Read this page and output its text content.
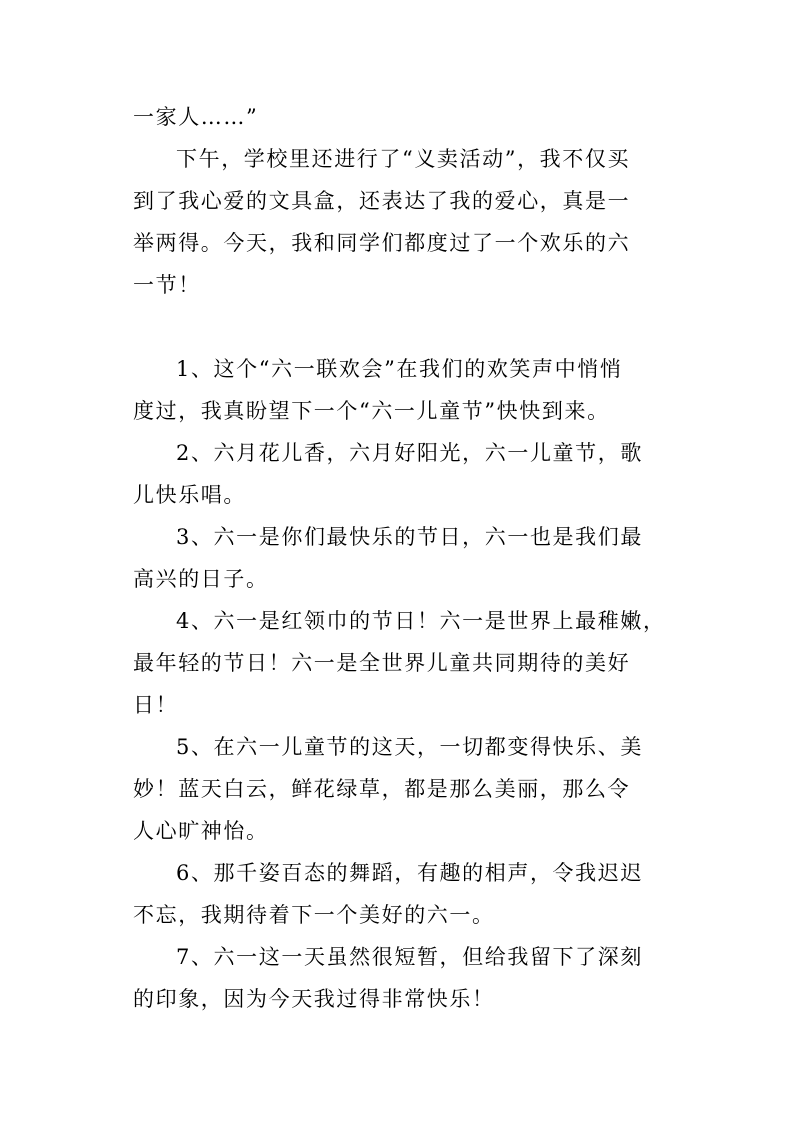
一家人……”
下午，学校里还进行了“义卖活动”，我不仅买
到了我心爱的文具盒，还表达了我的爱心，真是一
举两得。今天，我和同学们都度过了一个欢乐的六
一节！
1、这个“六一联欢会”在我们的欢笑声中悄悄
度过，我真盼望下一个“六一儿童节”快快到来。
2、六月花儿香，六月好阳光，六一儿童节，歌
儿快乐唱。
3、六一是你们最快乐的节日，六一也是我们最
高兴的日子。
4、六一是红领巾的节日！六一是世界上最稚嫩，
最年轻的节日！六一是全世界儿童共同期待的美好
日！
5、在六一儿童节的这天，一切都变得快乐、美
妙！蓝天白云，鲜花绿草，都是那么美丽，那么令
人心旷神怡。
6、那千姿百态的舞蹈，有趣的相声，令我迟迟
不忘，我期待着下一个美好的六一。
7、六一这一天虽然很短暂，但给我留下了深刻
的印象，因为今天我过得非常快乐！
